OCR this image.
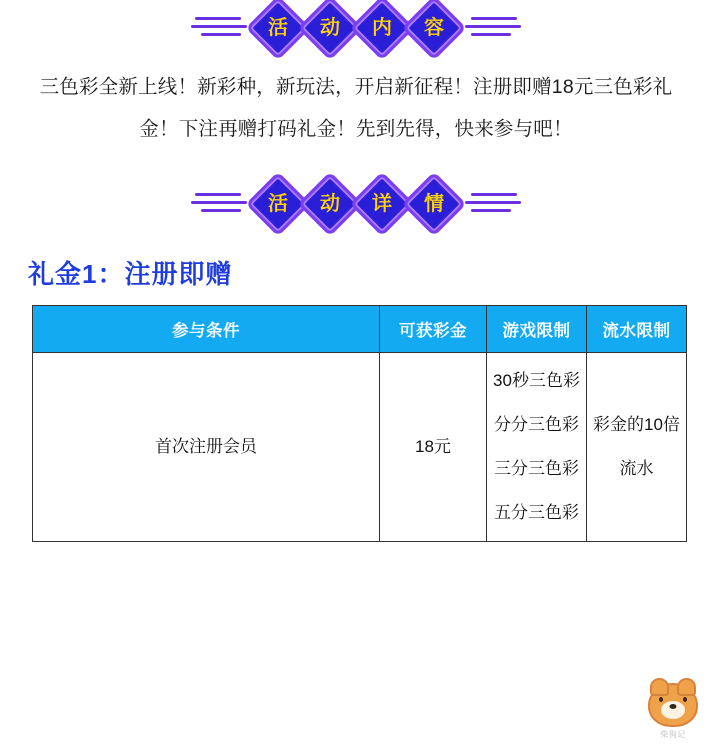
活 动 内 容
三色彩全新上线！新彩种，新玩法，开启新征程！注册即赠18元三色彩礼金！下注再赠打码礼金！先到先得，快来参与吧！
活 动 详 情
礼金1：注册即赠
参与条件	可获彩金	游戏限制	流水限制
首次注册会员	18元	30秒三色彩
分分三色彩
三分三色彩
五分三色彩	彩金的10倍流水
柴狗记
